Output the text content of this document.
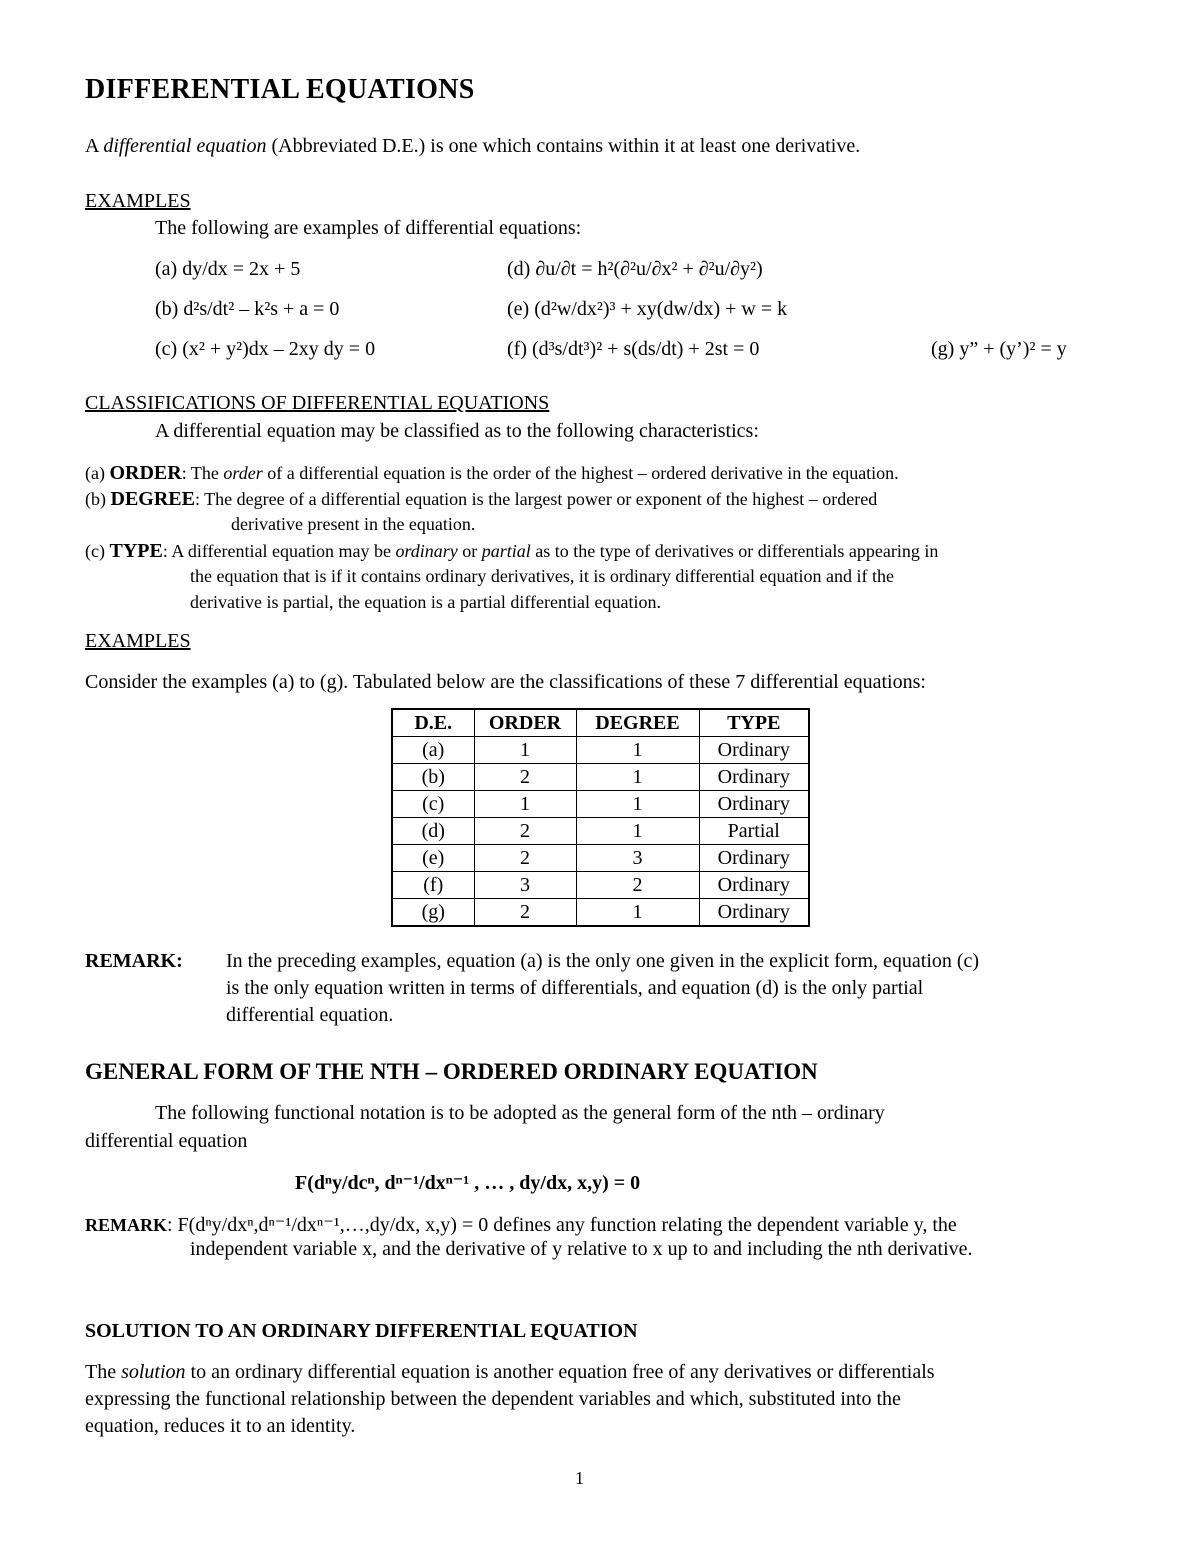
DIFFERENTIAL EQUATIONS
A differential equation (Abbreviated D.E.) is one which contains within it at least one derivative.
EXAMPLES
The following are examples of differential equations:
(a) dy/dx = 2x + 5
(b) d²s/dt² – k²s + a = 0
(c) (x² + y²)dx – 2xy dy = 0
(d) ∂u/∂t = h²(∂²u/∂x² + ∂²u/∂y²)
(e) (d²w/dx²)³ + xy(dw/dx) + w = k
(f) (d³s/dt³)² + s(ds/dt) + 2st = 0	(g) y” + (y’)² = y
CLASSIFICATIONS OF DIFFERENTIAL EQUATIONS
A differential equation may be classified as to the following characteristics:
(a) ORDER: The order of a differential equation is the order of the highest – ordered derivative in the equation.
(b) DEGREE: The degree of a differential equation is the largest power or exponent of the highest – ordered
derivative present in the equation.
(c) TYPE: A differential equation may be ordinary or partial as to the type of derivatives or differentials appearing in
the equation that is if it contains ordinary derivatives, it is ordinary differential equation and if the
derivative is partial, the equation is a partial differential equation.
EXAMPLES
Consider the examples (a) to (g). Tabulated below are the classifications of these 7 differential equations:
D.E.	ORDER	DEGREE	TYPE
(a)	1	1	Ordinary
(b)	2	1	Ordinary
(c)	1	1	Ordinary
(d)	2	1	Partial
(e)	2	3	Ordinary
(f)	3	2	Ordinary
(g)	2	1	Ordinary
REMARK: In the preceding examples, equation (a) is the only one given in the explicit form, equation (c)
is the only equation written in terms of differentials, and equation (d) is the only partial
differential equation.
GENERAL FORM OF THE NTH – ORDERED ORDINARY EQUATION
The following functional notation is to be adopted as the general form of the nth – ordinary
differential equation
F(dⁿy/dcⁿ, dⁿ⁻¹/dxⁿ⁻¹ , … , dy/dx, x,y) = 0
REMARK: F(dⁿy/dxⁿ,dⁿ⁻¹/dxⁿ⁻¹,…,dy/dx, x,y) = 0 defines any function relating the dependent variable y, the
independent variable x, and the derivative of y relative to x up to and including the nth derivative.
SOLUTION TO AN ORDINARY DIFFERENTIAL EQUATION
The solution to an ordinary differential equation is another equation free of any derivatives or differentials
expressing the functional relationship between the dependent variables and which, substituted into the
equation, reduces it to an identity.
1
